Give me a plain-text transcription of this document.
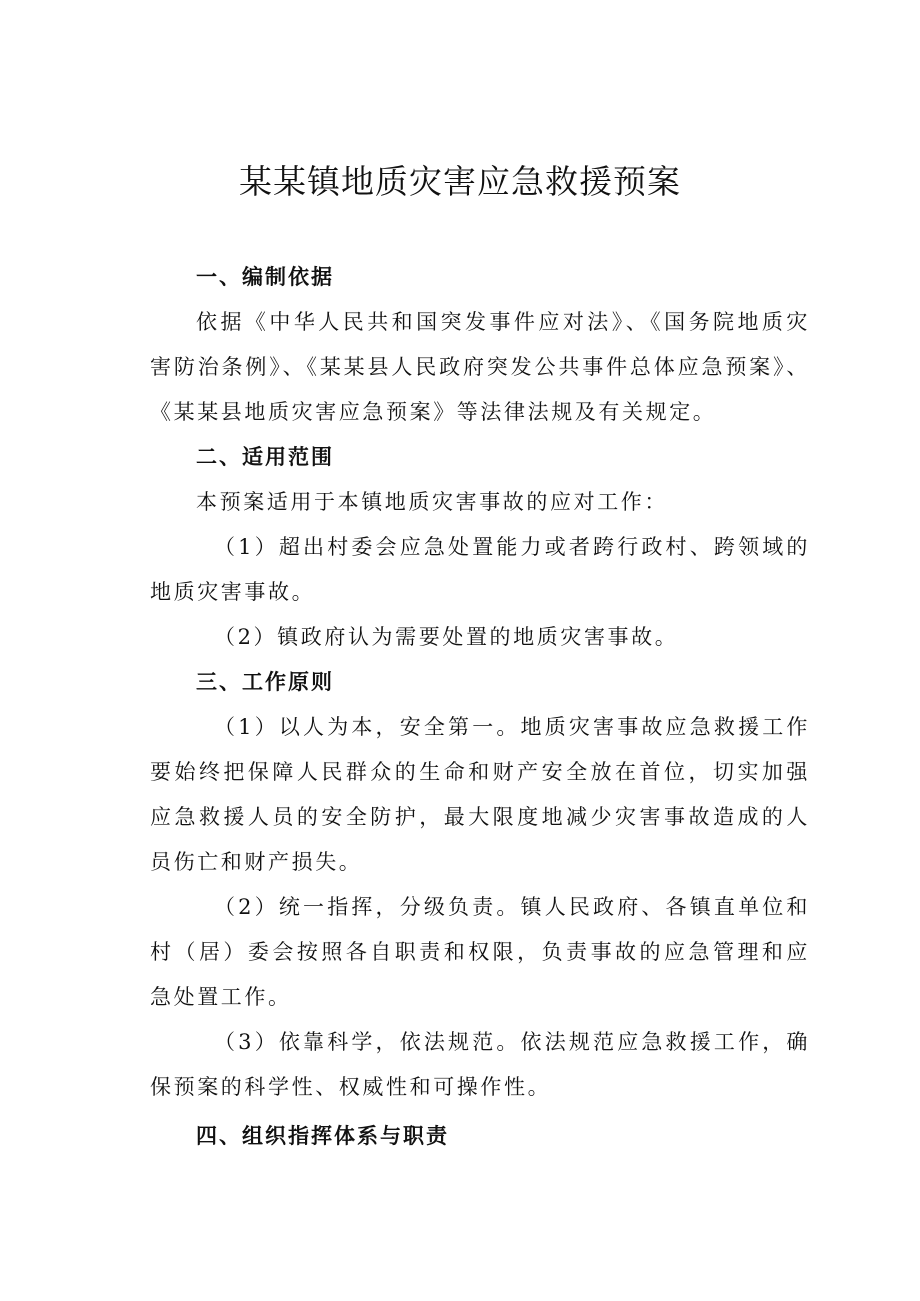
某某镇地质灾害应急救援预案
一、编制依据
依据《中华人民共和国突发事件应对法》、《国务院地质灾害防治条例》、《某某县人民政府突发公共事件总体应急预案》、《某某县地质灾害应急预案》等法律法规及有关规定。
二、适用范围
本预案适用于本镇地质灾害事故的应对工作：
（1）超出村委会应急处置能力或者跨行政村、跨领域的地质灾害事故。
（2）镇政府认为需要处置的地质灾害事故。
三、工作原则
（1）以人为本，安全第一。地质灾害事故应急救援工作要始终把保障人民群众的生命和财产安全放在首位，切实加强应急救援人员的安全防护，最大限度地减少灾害事故造成的人员伤亡和财产损失。
（2）统一指挥，分级负责。镇人民政府、各镇直单位和村（居）委会按照各自职责和权限，负责事故的应急管理和应急处置工作。
（3）依靠科学，依法规范。依法规范应急救援工作，确保预案的科学性、权威性和可操作性。
四、组织指挥体系与职责
